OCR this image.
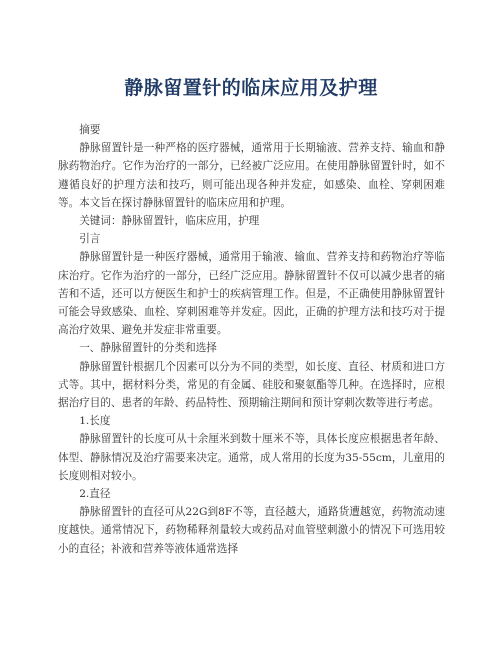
静脉留置针的临床应用及护理

摘要

静脉留置针是一种严格的医疗器械，通常用于长期输液、营养支持、输血和静脉药物治疗。它作为治疗的一部分，已经被广泛应用。在使用静脉留置针时，如不遵循良好的护理方法和技巧，则可能出现各种并发症，如感染、血栓、穿刺困难等。本文旨在探讨静脉留置针的临床应用和护理。

关键词：静脉留置针，临床应用，护理

引言

静脉留置针是一种医疗器械，通常用于输液、输血、营养支持和药物治疗等临床治疗。它作为治疗的一部分，已经广泛应用。静脉留置针不仅可以减少患者的痛苦和不适，还可以方便医生和护士的疾病管理工作。但是，不正确使用静脉留置针可能会导致感染、血栓、穿刺困难等并发症。因此，正确的护理方法和技巧对于提高治疗效果、避免并发症非常重要。

一、静脉留置针的分类和选择

静脉留置针根据几个因素可以分为不同的类型，如长度、直径、材质和进口方式等。其中，据材料分类，常见的有金属、硅胶和聚氨酯等几种。在选择时，应根据治疗目的、患者的年龄、药品特性、预期输注期间和预计穿刺次数等进行考虑。

1.长度

静脉留置针的长度可从十余厘米到数十厘米不等，具体长度应根据患者年龄、体型、静脉情况及治疗需要来决定。通常，成人常用的长度为35-55cm，儿童用的长度则相对较小。

2.直径

静脉留置针的直径可从22G到8F不等，直径越大，通路货遭越宽，药物流动速度越快。通常情况下，药物稀释剂量较大或药品对血管壁刺激小的情况下可选用较小的直径；补液和营养等液体通常选择
